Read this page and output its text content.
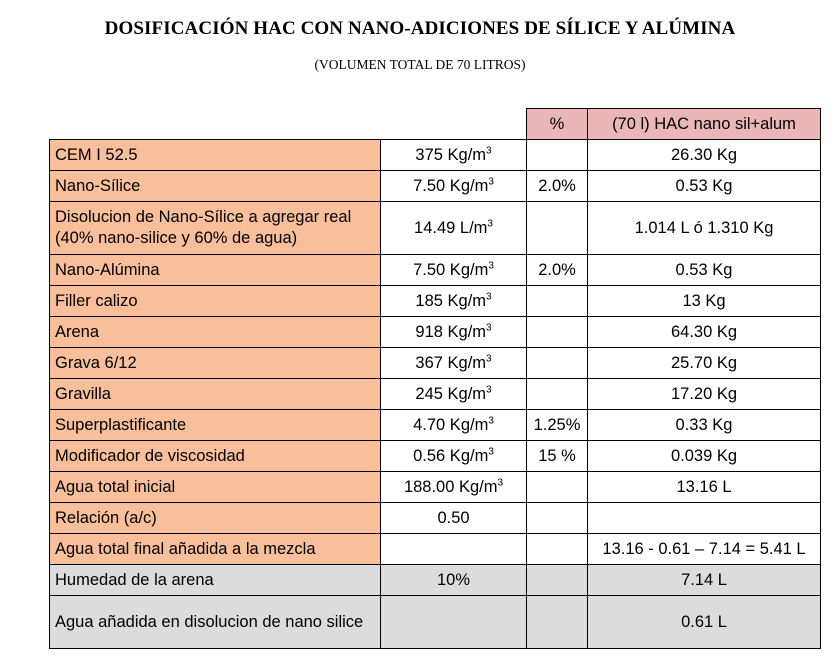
DOSIFICACIÓN HAC CON NANO-ADICIONES DE SÍLICE Y ALÚMINA
(VOLUMEN TOTAL DE 70 LITROS)
		%	(70 l) HAC nano sil+alum
CEM I 52.5	375 $Kg/m^3$		26.30 Kg
Nano-Sílice	7.50 $Kg/m^3$	2.0%	0.53 Kg
Disolucion de Nano-Sílice a agregar real (40% nano-silice y 60% de agua)	14.49 $L/m^3$		1.014 L ó 1.310 Kg
Nano-Alúmina	7.50 $Kg/m^3$	2.0%	0.53 Kg
Filler calizo	185 $Kg/m^3$		13 Kg
Arena	918 $Kg/m^3$		64.30 Kg
Grava 6/12	367 $Kg/m^3$		25.70 Kg
Gravilla	245 $Kg/m^3$		17.20 Kg
Superplastificante	4.70 $Kg/m^3$	1.25%	0.33 Kg
Modificador de viscosidad	0.56 $Kg/m^3$	15 %	0.039 Kg
Agua total inicial	188.00 $Kg/m^3$		13.16 L
Relación (a/c)	0.50		
Agua total final añadida a la mezcla			13.16 - 0.61 – 7.14 = 5.41 L
Humedad de la arena	10%		7.14 L
Agua añadida en disolucion de nano silice			0.61 L
